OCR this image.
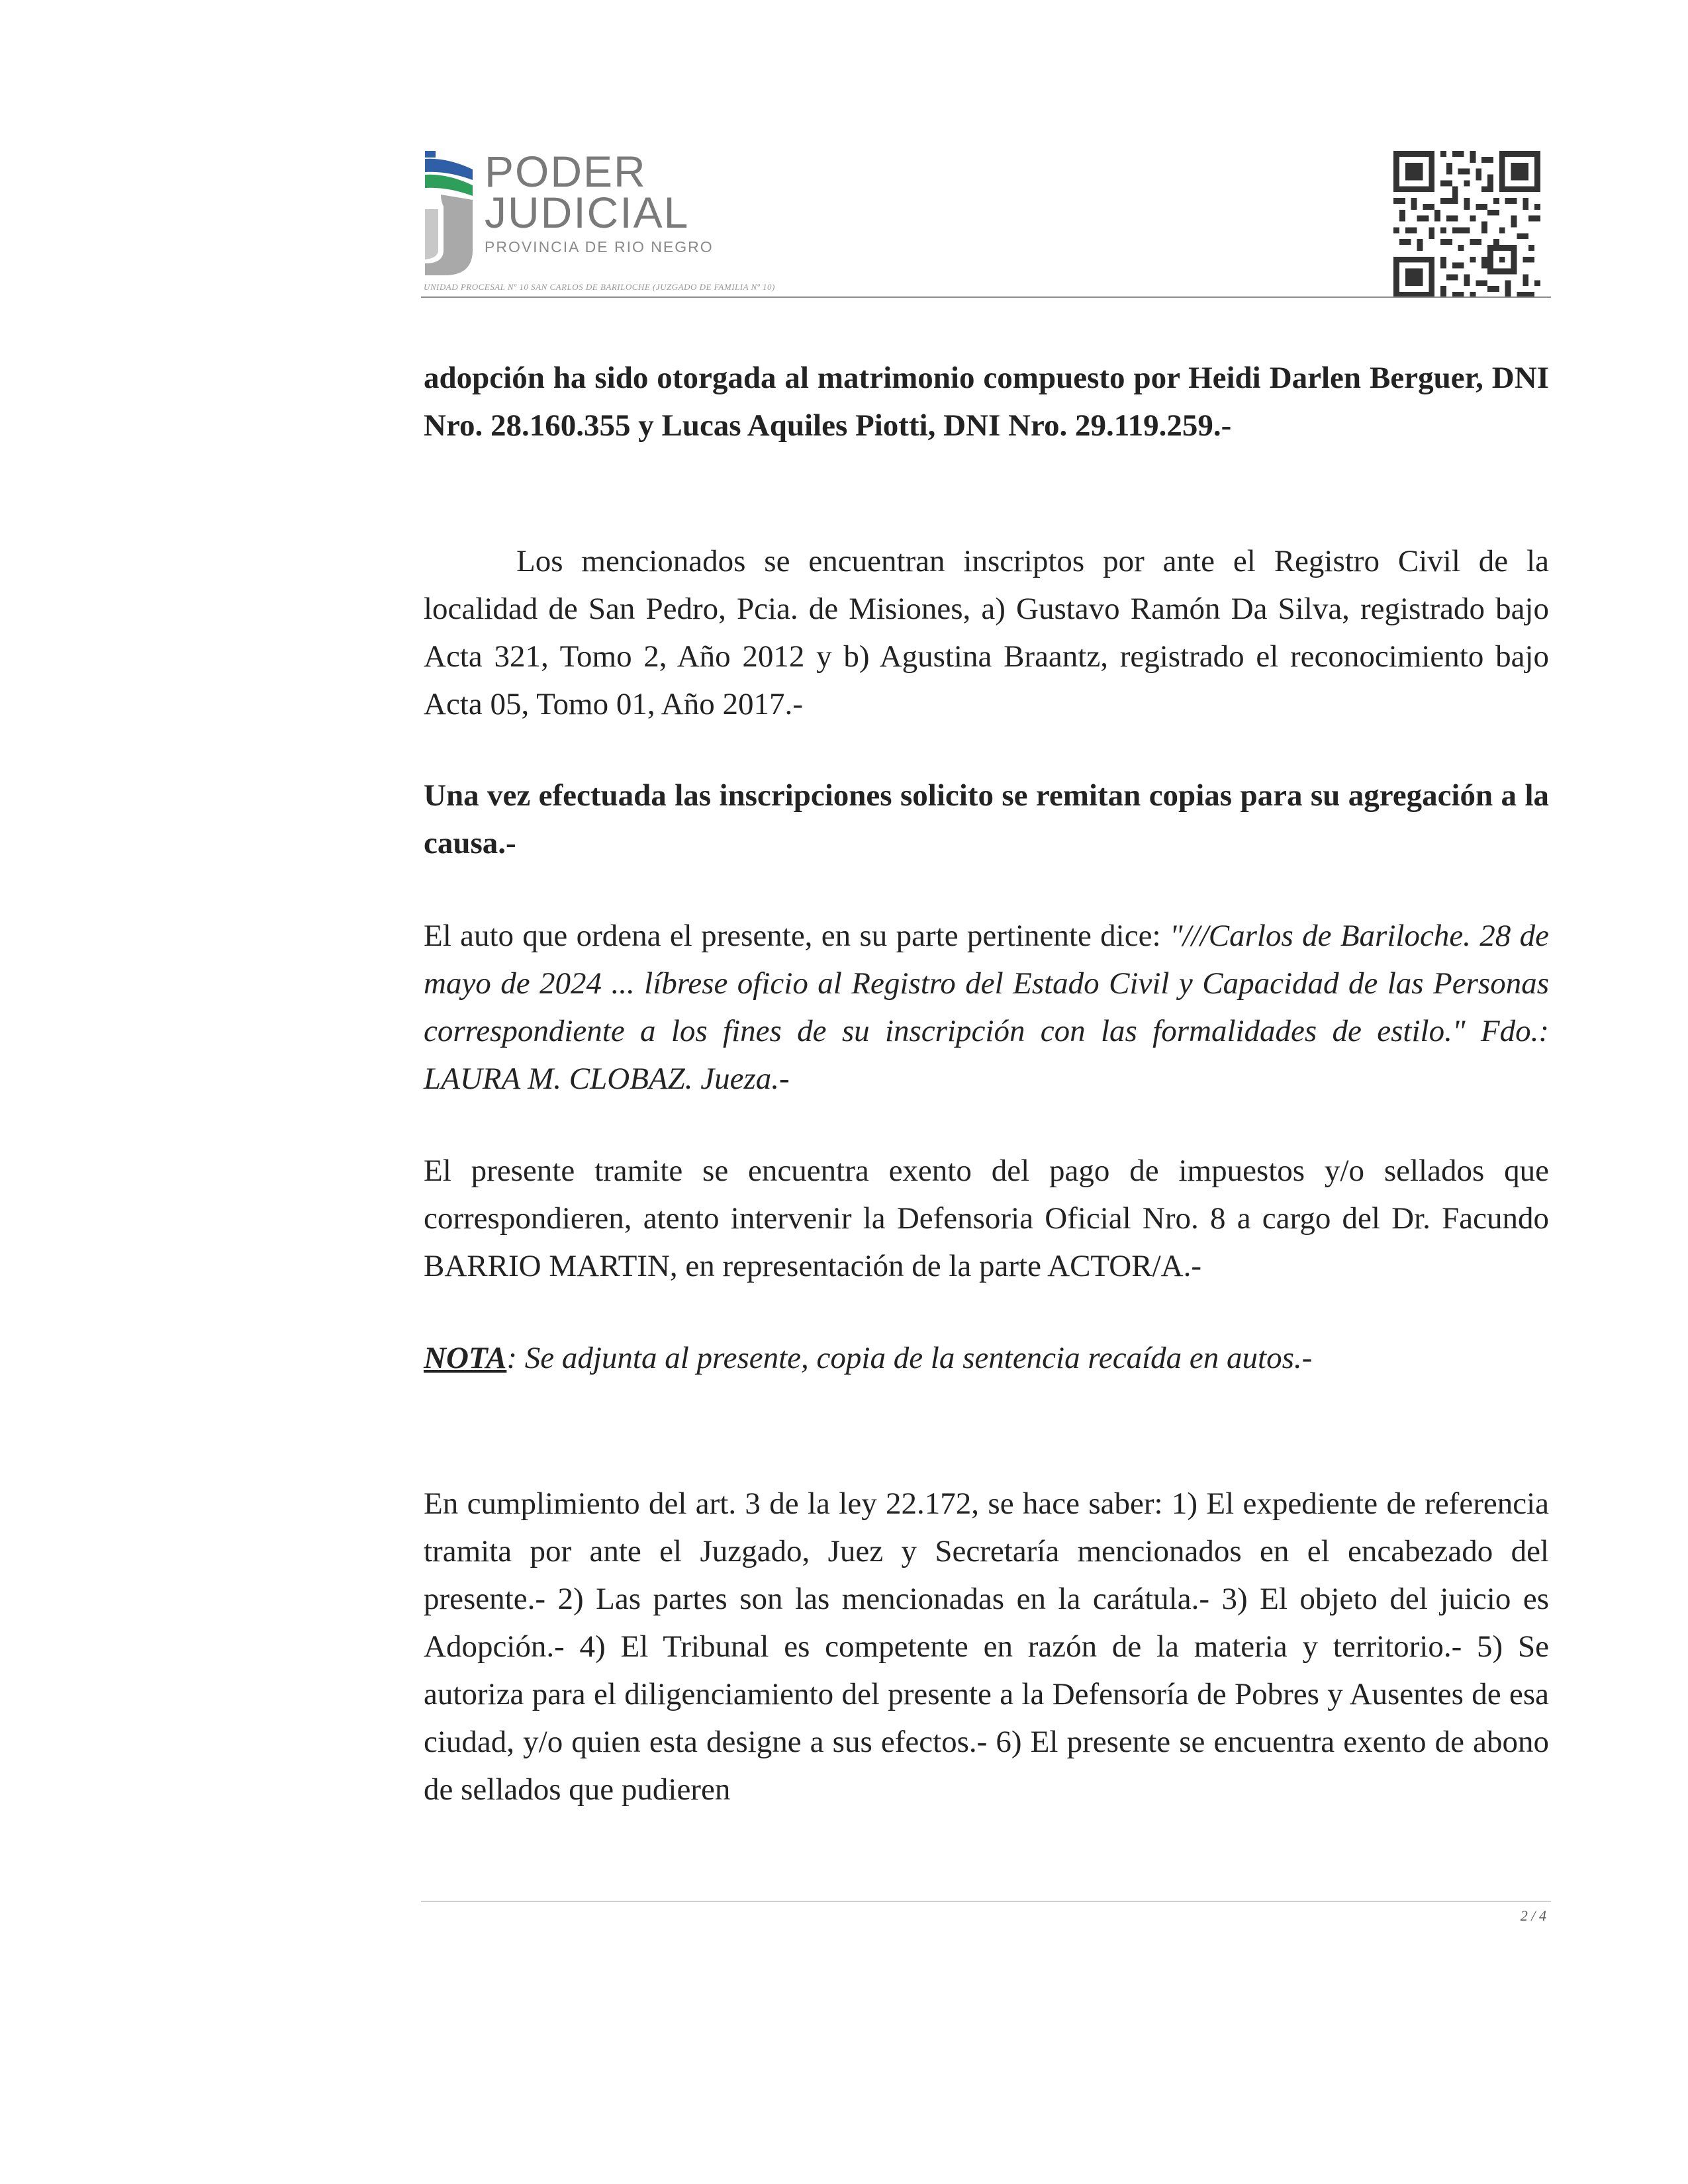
PODER
JUDICIAL
PROVINCIA DE RIO NEGRO
UNIDAD PROCESAL Nº 10 SAN CARLOS DE BARILOCHE (JUZGADO DE FAMILIA Nº 10)

adopción ha sido otorgada al matrimonio compuesto por Heidi Darlen Berguer, DNI Nro. 28.160.355 y Lucas Aquiles Piotti, DNI Nro. 29.119.259.-

Los mencionados se encuentran inscriptos por ante el Registro Civil de la localidad de San Pedro, Pcia. de Misiones, a) Gustavo Ramón Da Silva, registrado bajo Acta 321, Tomo 2, Año 2012 y b) Agustina Braantz, registrado el reconocimiento bajo Acta 05, Tomo 01, Año 2017.-

Una vez efectuada las inscripciones solicito se remitan copias para su agregación a la causa.-

El auto que ordena el presente, en su parte pertinente dice: "///Carlos de Bariloche. 28 de mayo de 2024 ... líbrese oficio al Registro del Estado Civil y Capacidad de las Personas correspondiente a los fines de su inscripción con las formalidades de estilo." Fdo.: LAURA M. CLOBAZ. Jueza.-

El presente tramite se encuentra exento del pago de impuestos y/o sellados que correspondieren, atento intervenir la Defensoria Oficial Nro. 8 a cargo del Dr. Facundo BARRIO MARTIN, en representación de la parte ACTOR/A.-

NOTA: Se adjunta al presente, copia de la sentencia recaída en autos.-

En cumplimiento del art. 3 de la ley 22.172, se hace saber: 1) El expediente de referencia tramita por ante el Juzgado, Juez y Secretaría mencionados en el encabezado del presente.- 2) Las partes son las mencionadas en la carátula.- 3) El objeto del juicio es Adopción.- 4) El Tribunal es competente en razón de la materia y territorio.- 5) Se autoriza para el diligenciamiento del presente a la Defensoría de Pobres y Ausentes de esa ciudad, y/o quien esta designe a sus efectos.- 6) El presente se encuentra exento de abono de sellados que pudieren

2 / 4
